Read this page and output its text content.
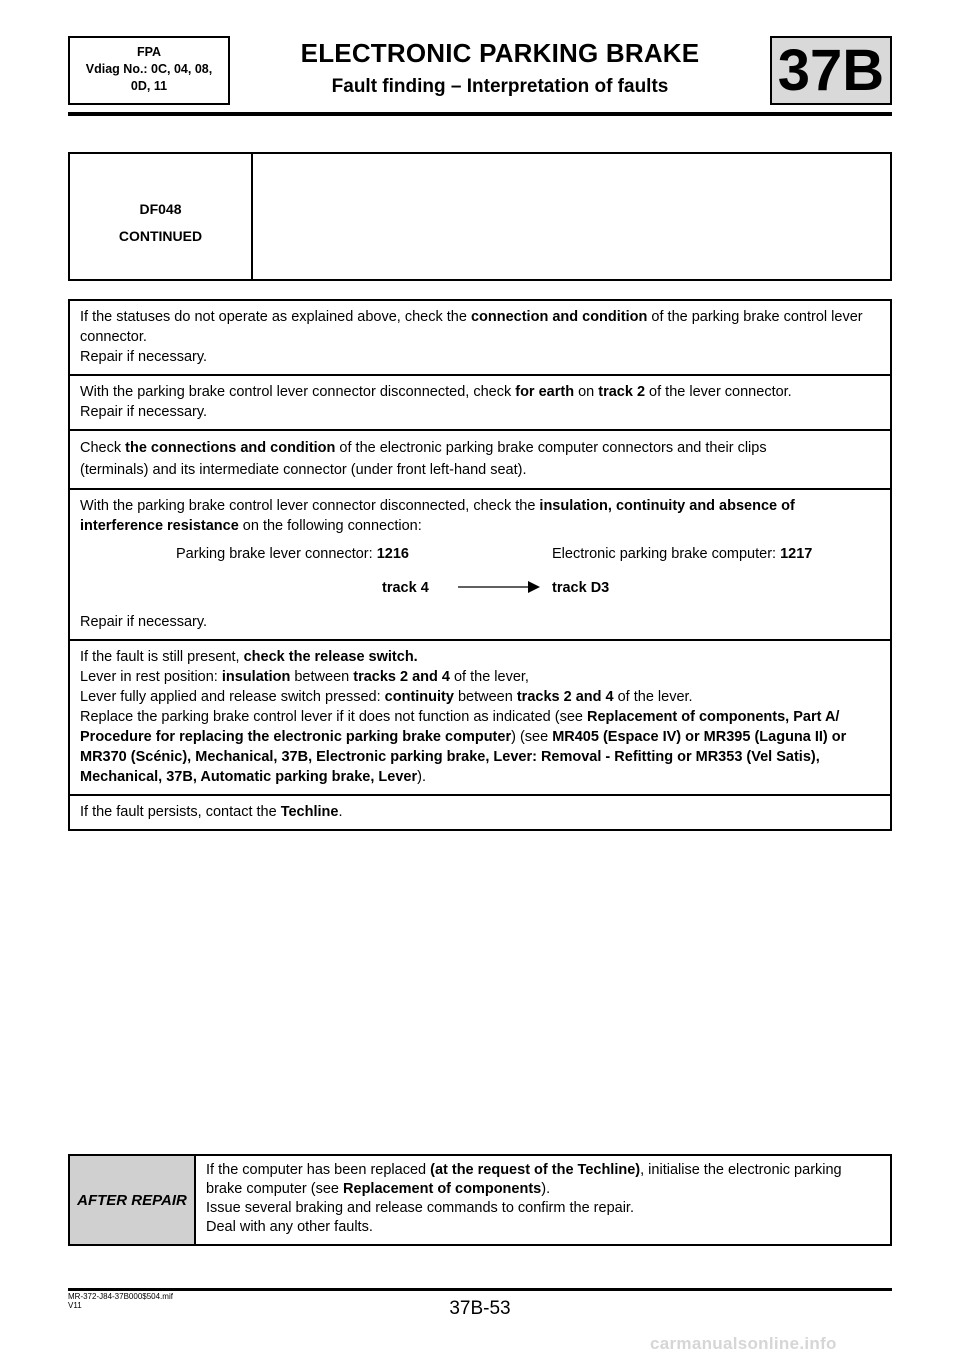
FPA
Vdiag No.: 0C, 04, 08,
0D, 11
ELECTRONIC PARKING BRAKE
Fault finding – Interpretation of faults	37B
DF048
CONTINUED
If the statuses do not operate as explained above, check the connection and condition of the parking brake control lever connector.
Repair if necessary.
With the parking brake control lever connector disconnected, check for earth on track 2 of the lever connector.
Repair if necessary.
Check the connections and condition of the electronic parking brake computer connectors and their clips
(terminals) and its intermediate connector (under front left-hand seat).
With the parking brake control lever connector disconnected, check the insulation, continuity and absence of interference resistance on the following connection:
Parking brake lever connector: 1216	Electronic parking brake computer: 1217
track 4	track D3
Repair if necessary.
If the fault is still present, check the release switch.
Lever in rest position: insulation between tracks 2 and 4 of the lever,
Lever fully applied and release switch pressed: continuity between tracks 2 and 4 of the lever.
Replace the parking brake control lever if it does not function as indicated (see Replacement of components, Part A/ Procedure for replacing the electronic parking brake computer) (see MR405 (Espace IV) or MR395 (Laguna II) or MR370 (Scénic), Mechanical, 37B, Electronic parking brake, Lever: Removal - Refitting or MR353 (Vel Satis), Mechanical, 37B, Automatic parking brake, Lever).
If the fault persists, contact the Techline.
AFTER REPAIR
If the computer has been replaced (at the request of the Techline), initialise the electronic parking brake computer (see Replacement of components).
Issue several braking and release commands to confirm the repair.
Deal with any other faults.
MR-372-J84-37B000$504.mif
V11	37B-53
carmanualsonline.info
